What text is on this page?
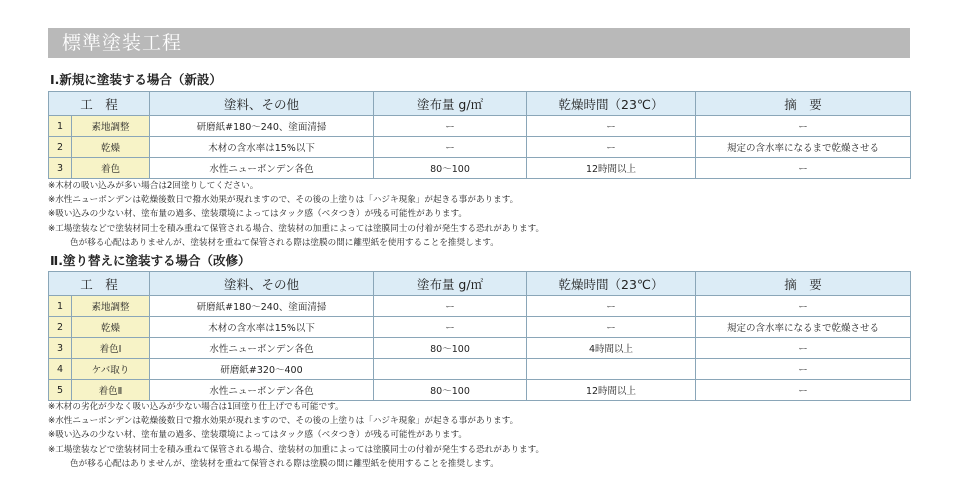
標準塗装工程
Ⅰ.新規に塗装する場合（新設）
工　程		塗料、その他	塗布量 g/㎡	乾燥時間（23℃）	摘　要
1	素地調整	研磨紙#180～240、塗面清掃	ー	ー	ー
2	乾燥	木材の含水率は15%以下	ー	ー	規定の含水率になるまで乾燥させる
3	着色	水性ニューボンデン各色	80～100	12時間以上	ー
※木材の吸い込みが多い場合は2回塗りしてください。
※水性ニューボンデンは乾燥後数日で撥水効果が現れますので、その後の上塗りは「ハジキ現象」が起きる事があります。
※吸い込みの少ない材、塗布量の過多、塗装環境によってはタック感（ベタつき）が残る可能性があります。
※工場塗装などで塗装材同士を積み重ねて保管される場合、塗装材の加重によっては塗膜同士の付着が発生する恐れがあります。
色が移る心配はありませんが、塗装材を重ねて保管される際は塗膜の間に離型紙を使用することを推奨します。
Ⅱ.塗り替えに塗装する場合（改修）
工　程		塗料、その他	塗布量 g/㎡	乾燥時間（23℃）	摘　要
1	素地調整	研磨紙#180～240、塗面清掃	ー	ー	ー
2	乾燥	木材の含水率は15%以下	ー	ー	規定の含水率になるまで乾燥させる
3	着色Ⅰ	水性ニューボンデン各色	80～100	4時間以上	ー
4	ケバ取り	研磨紙#320～400			ー
5	着色Ⅱ	水性ニューボンデン各色	80～100	12時間以上	ー
※木材の劣化が少なく吸い込みが少ない場合は1回塗り仕上げでも可能です。
※水性ニューボンデンは乾燥後数日で撥水効果が現れますので、その後の上塗りは「ハジキ現象」が起きる事があります。
※吸い込みの少ない材、塗布量の過多、塗装環境によってはタック感（ベタつき）が残る可能性があります。
※工場塗装などで塗装材同士を積み重ねて保管される場合、塗装材の加重によっては塗膜同士の付着が発生する恐れがあります。
色が移る心配はありませんが、塗装材を重ねて保管される際は塗膜の間に離型紙を使用することを推奨します。
